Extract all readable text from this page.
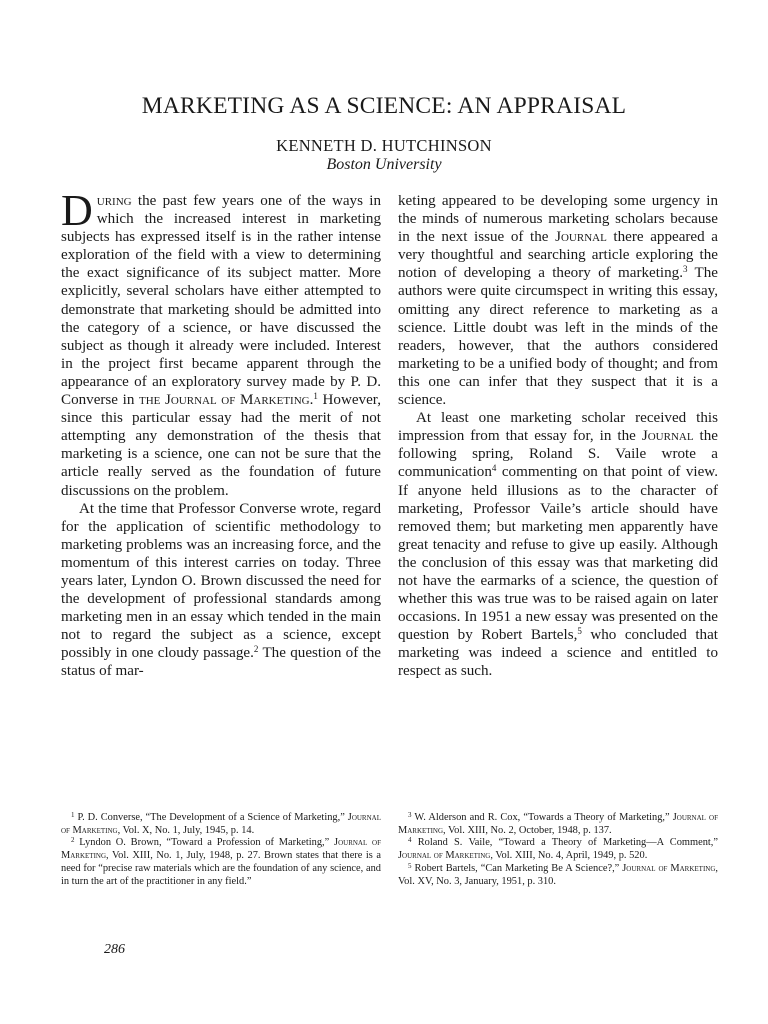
MARKETING AS A SCIENCE: AN APPRAISAL
KENNETH D. HUTCHINSON
Boston University

During the past few years one of the ways in which the increased interest in marketing subjects has expressed itself is in the rather intense exploration of the field with a view to determining the exact significance of its subject matter. More explicitly, several scholars have either attempted to demonstrate that marketing should be admitted into the category of a science, or have discussed the subject as though it already were included. Interest in the project first became apparent through the appearance of an exploratory survey made by P. D. Converse in the Journal of Marketing.$^1$ However, since this particular essay had the merit of not attempting any demonstration of the thesis that marketing is a science, one can not be sure that the article really served as the foundation of future discussions on the problem.

At the time that Professor Converse wrote, regard for the application of scientific methodology to marketing problems was an increasing force, and the momentum of this interest carries on today. Three years later, Lyndon O. Brown discussed the need for the development of professional standards among marketing men in an essay which tended in the main not to regard the subject as a science, except possibly in one cloudy passage.$^2$ The question of the status of mar-

keting appeared to be developing some urgency in the minds of numerous marketing scholars because in the next issue of the Journal there appeared a very thoughtful and searching article exploring the notion of developing a theory of marketing.$^3$ The authors were quite circumspect in writing this essay, omitting any direct reference to marketing as a science. Little doubt was left in the minds of the readers, however, that the authors considered marketing to be a unified body of thought; and from this one can infer that they suspect that it is a science.

At least one marketing scholar received this impression from that essay for, in the Journal the following spring, Roland S. Vaile wrote a communication$^4$ commenting on that point of view. If anyone held illusions as to the character of marketing, Professor Vaile’s article should have removed them; but marketing men apparently have great tenacity and refuse to give up easily. Although the conclusion of this essay was that marketing did not have the earmarks of a science, the question of whether this was true was to be raised again on later occasions. In 1951 a new essay was presented on the question by Robert Bartels,$^5$ who concluded that marketing was indeed a science and entitled to respect as such.

$^1$ P. D. Converse, “The Development of a Science of Marketing,” Journal of Marketing, Vol. X, No. 1, July, 1945, p. 14.

$^2$ Lyndon O. Brown, “Toward a Profession of Marketing,” Journal of Marketing, Vol. XIII, No. 1, July, 1948, p. 27. Brown states that there is a need for “precise raw materials which are the foundation of any science, and in turn the art of the practitioner in any field.”

$^3$ W. Alderson and R. Cox, “Towards a Theory of Marketing,” Journal of Marketing, Vol. XIII, No. 2, October, 1948, p. 137.

$^4$ Roland S. Vaile, “Toward a Theory of Marketing—A Comment,” Journal of Marketing, Vol. XIII, No. 4, April, 1949, p. 520.

$^5$ Robert Bartels, “Can Marketing Be A Science?,” Journal of Marketing, Vol. XV, No. 3, January, 1951, p. 310.

286
